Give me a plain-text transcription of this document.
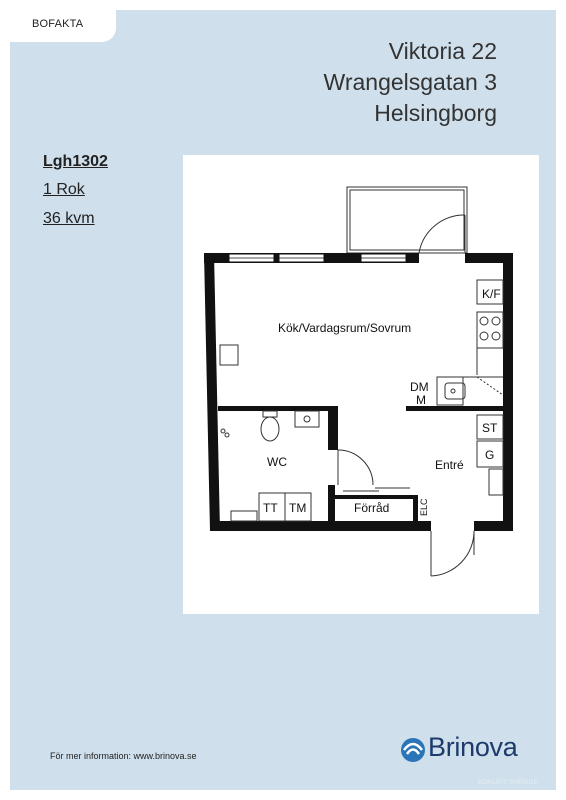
BOFAKTA
Viktoria 22
Wrangelsgatan 3
Helsingborg
Lgh1302
1 Rok
36 kvm
Kök/Vardagsrum/Sovrum
K/F
DM
M
ST
G
Entré
WC
TT TM	Förråd	ELC
För mer information: www.brinova.se	Brinova
BOPLATS SVERIGE
